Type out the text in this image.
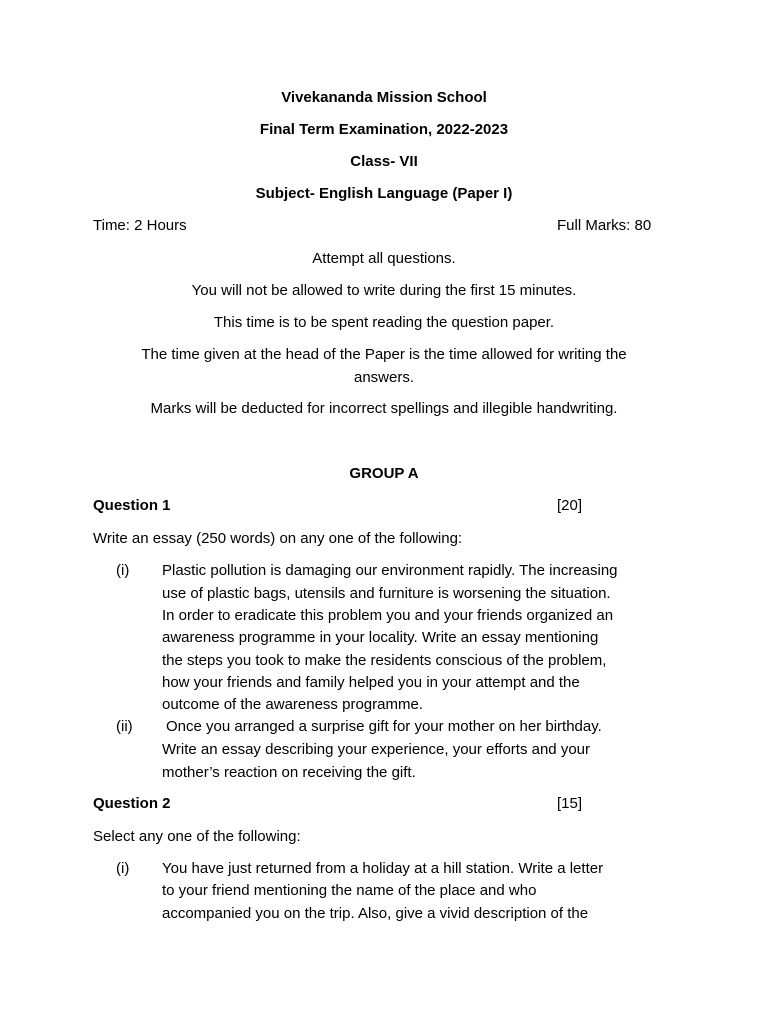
Vivekananda Mission School
Final Term Examination, 2022-2023
Class- VII
Subject- English Language (Paper I)
Time: 2 Hours	Full Marks: 80
Attempt all questions.
You will not be allowed to write during the first 15 minutes.
This time is to be spent reading the question paper.
The time given at the head of the Paper is the time allowed for writing the
answers.
Marks will be deducted for incorrect spellings and illegible handwriting.
GROUP A
Question 1	[20]
Write an essay (250 words) on any one of the following:
(i) Plastic pollution is damaging our environment rapidly. The increasing
use of plastic bags, utensils and furniture is worsening the situation.
In order to eradicate this problem you and your friends organized an
awareness programme in your locality. Write an essay mentioning
the steps you took to make the residents conscious of the problem,
how your friends and family helped you in your attempt and the
outcome of the awareness programme.
(ii) Once you arranged a surprise gift for your mother on her birthday.
Write an essay describing your experience, your efforts and your
mother’s reaction on receiving the gift.
Question 2	[15]
Select any one of the following:
(i) You have just returned from a holiday at a hill station. Write a letter
to your friend mentioning the name of the place and who
accompanied you on the trip. Also, give a vivid description of the
